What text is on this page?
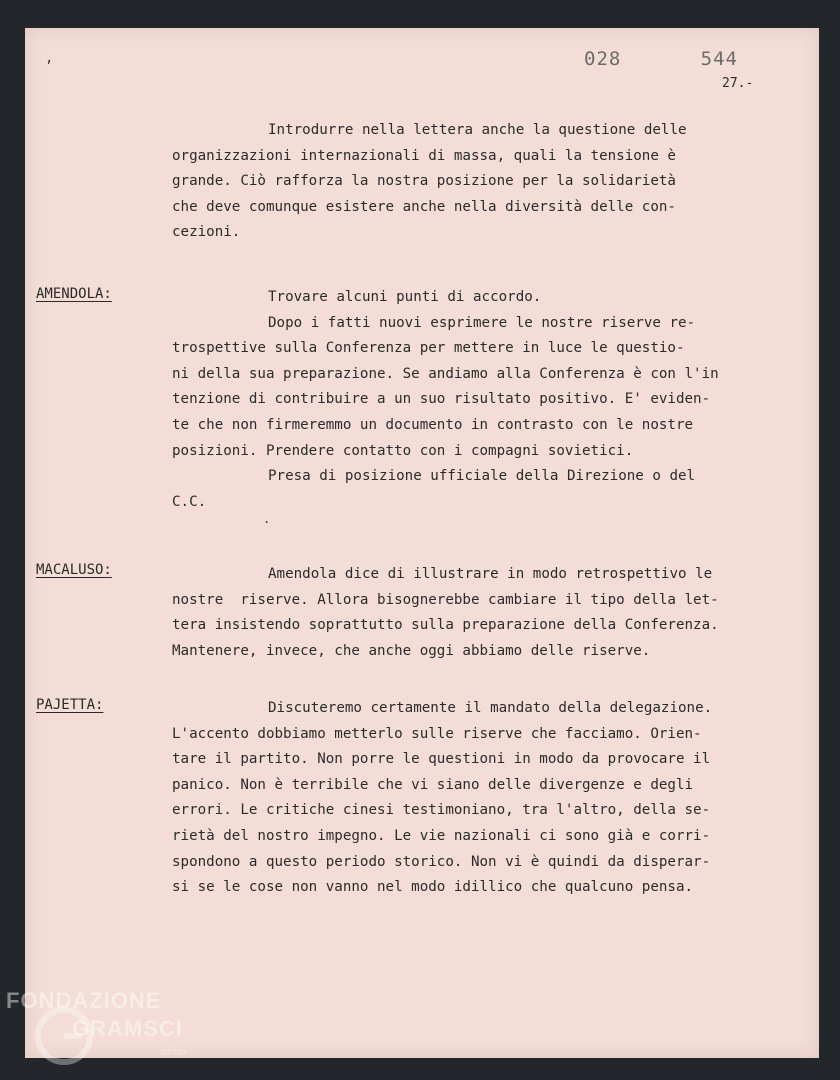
,	028   544
27.-
Introdurre nella lettera anche la questione delle
organizzazioni internazionali di massa, quali la tensione è
grande. Ciò rafforza la nostra posizione per la solidarietà
che deve comunque esistere anche nella diversità delle con-
cezioni.
AMENDOLA:	Trovare alcuni punti di accordo.
Dopo i fatti nuovi esprimere le nostre riserve re-
trospettive sulla Conferenza per mettere in luce le questio-
ni della sua preparazione. Se andiamo alla Conferenza è con l'in
tenzione di contribuire a un suo risultato positivo. E' eviden-
te che non firmeremmo un documento in contrasto con le nostre
posizioni. Prendere contatto con i compagni sovietici.
Presa di posizione ufficiale della Direzione o del
C.C.
.
MACALUSO:	Amendola dice di illustrare in modo retrospettivo le
nostre  riserve. Allora bisognerebbe cambiare il tipo della let-
tera insistendo soprattutto sulla preparazione della Conferenza.
Mantenere, invece, che anche oggi abbiamo delle riserve.
PAJETTA:	Discuteremo certamente il mandato della delegazione.
L'accento dobbiamo metterlo sulle riserve che facciamo. Orien-
tare il partito. Non porre le questioni in modo da provocare il
panico. Non è terribile che vi siano delle divergenze e degli
errori. Le critiche cinesi testimoniano, tra l'altro, della se-
rietà del nostro impegno. Le vie nazionali ci sono già e corri-
spondono a questo periodo storico. Non vi è quindi da disperar-
si se le cose non vanno nel modo idillico che qualcuno pensa.
FONDAZIONE
GRAMSCI
onlus
